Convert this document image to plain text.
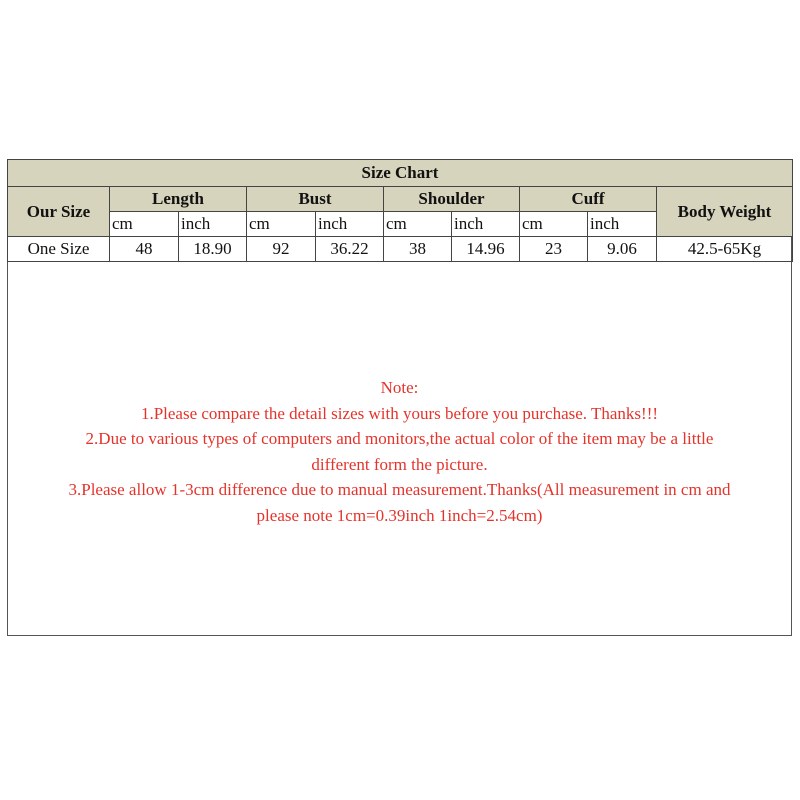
Size Chart									
Our Size	Length		Bust		Shoulder		Cuff		Body Weight
	cm	inch	cm	inch	cm	inch	cm	inch	
One Size	48	18.90	92	36.22	38	14.96	23	9.06	42.5-65Kg
Note:
1.Please compare the detail sizes with yours before you purchase. Thanks!!!
2.Due to various types of computers and monitors,the actual color of the item may be a little
different form the picture.
3.Please allow 1-3cm difference due to manual measurement.Thanks(All measurement in cm and
please note 1cm=0.39inch 1inch=2.54cm)
